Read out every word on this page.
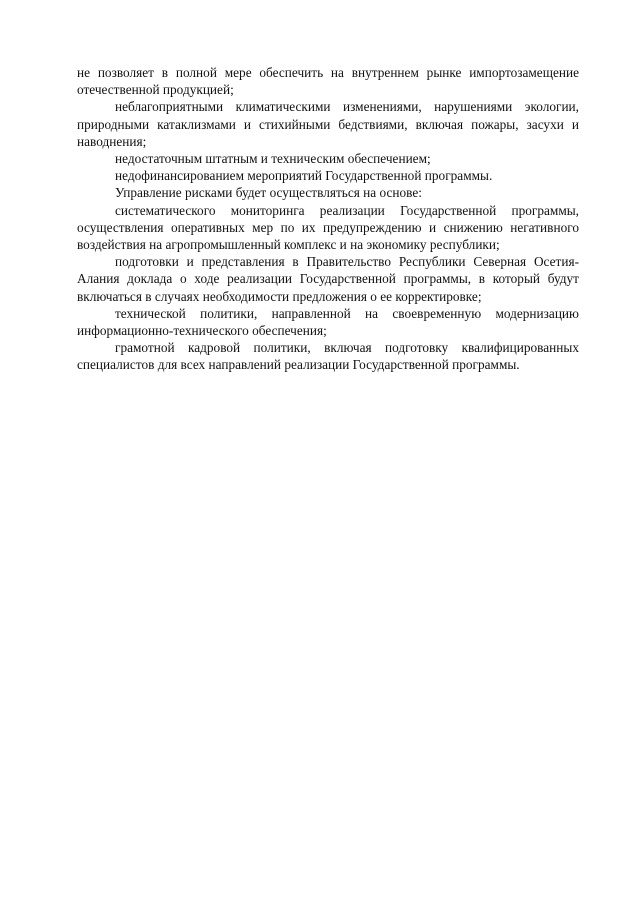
не позволяет в полной мере обеспечить на внутреннем рынке импортозамещение отечественной продукцией;

неблагоприятными климатическими изменениями, нарушениями экологии, природными катаклизмами и стихийными бедствиями, включая пожары, засухи и наводнения;

недостаточным штатным и техническим обеспечением;

недофинансированием мероприятий Государственной программы.

Управление рисками будет осуществляться на основе:

систематического мониторинга реализации Государственной программы, осуществления оперативных мер по их предупреждению и снижению негативного воздействия на агропромышленный комплекс и на экономику республики;

подготовки и представления в Правительство Республики Северная Осетия-Алания доклада о ходе реализации Государственной программы, в который будут включаться в случаях необходимости предложения о ее корректировке;

технической политики, направленной на своевременную модернизацию информационно-технического обеспечения;

грамотной кадровой политики, включая подготовку квалифицированных специалистов для всех направлений реализации Государственной программы.
